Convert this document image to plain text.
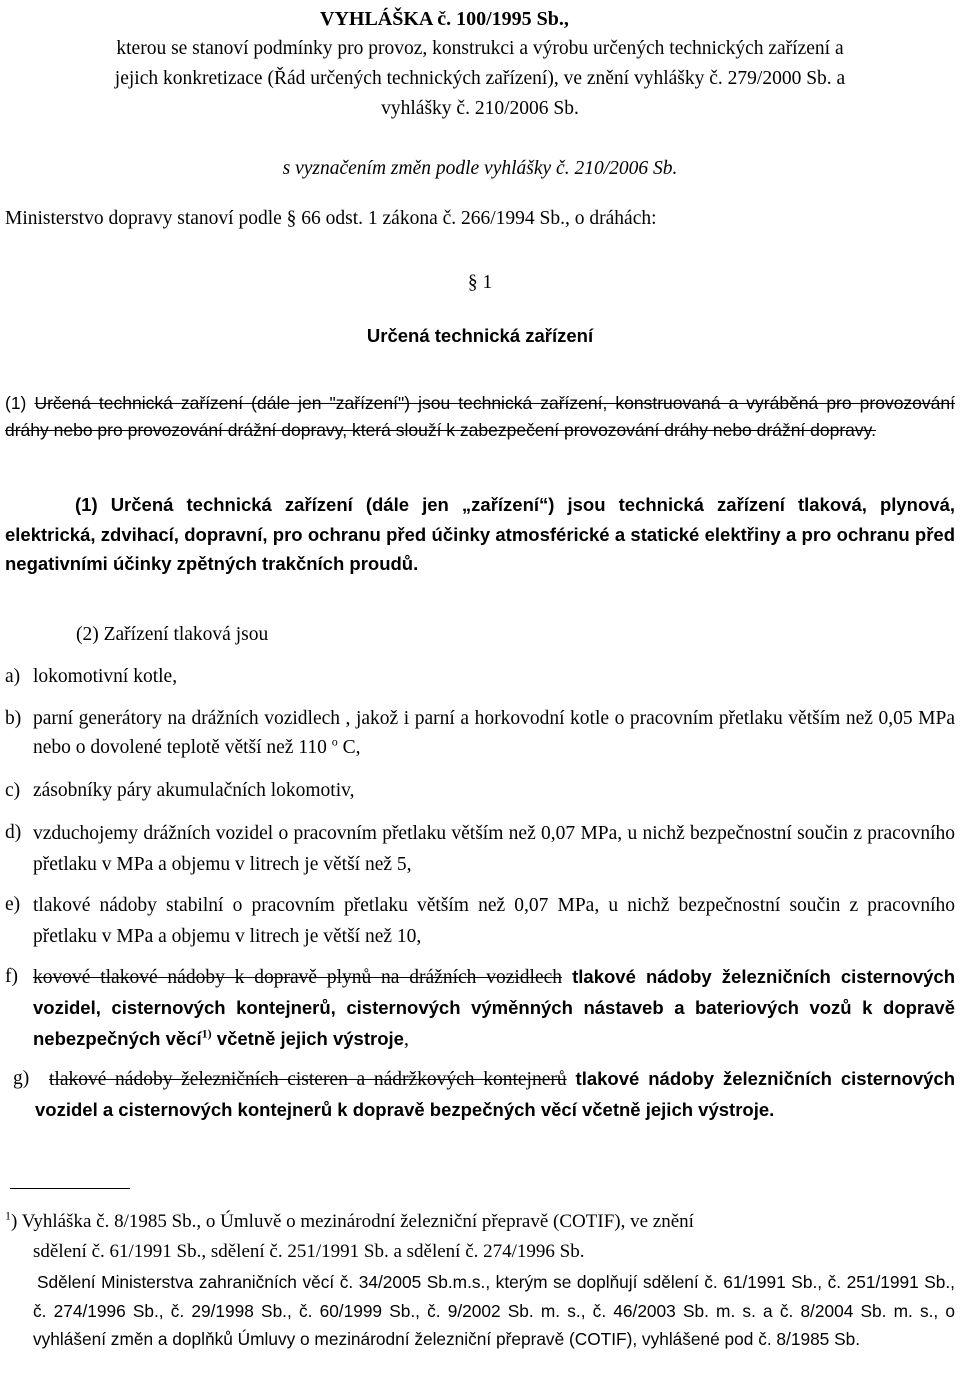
VYHLÁŠKA č. 100/1995 Sb.,

kterou se stanoví podmínky pro provoz, konstrukci a výrobu určených technických zařízení a

jejich konkretizace (Řád určených technických zařízení), ve znění vyhlášky č. 279/2000 Sb. a

vyhlášky č. 210/2006 Sb.

s vyznačením změn podle vyhlášky č. 210/2006 Sb.

Ministerstvo dopravy stanoví podle § 66 odst. 1 zákona č. 266/1994 Sb., o dráhách:

§ 1

Určená technická zařízení

(1) Určená technická zařízení (dále jen "zařízení") jsou technická zařízení, konstruovaná a vyráběná pro provozování dráhy nebo pro provozování drážní dopravy, která slouží k zabezpečení provozování dráhy nebo drážní dopravy.

(1) Určená technická zařízení (dále jen „zařízení“) jsou technická zařízení tlaková, plynová, elektrická, zdvihací, dopravní, pro ochranu před účinky atmosférické a statické elektřiny a pro ochranu před negativními účinky zpětných trakčních proudů.

(2) Zařízení tlaková jsou

a) lokomotivní kotle,
b) parní generátory na drážních vozidlech , jakož i parní a horkovodní kotle o pracovním přetlaku větším než 0,05 MPa nebo o dovolené teplotě větší než 110 $^o$ C,
c) zásobníky páry akumulačních lokomotiv,
d) vzduchojemy drážních vozidel o pracovním přetlaku větším než 0,07 MPa, u nichž bezpečnostní součin z pracovního přetlaku v MPa a objemu v litrech je větší než 5,
e) tlakové nádoby stabilní o pracovním přetlaku větším než 0,07 MPa, u nichž bezpečnostní součin z pracovního přetlaku v MPa a objemu v litrech je větší než 10,
f) kovové tlakové nádoby k dopravě plynů na drážních vozidlech tlakové nádoby železničních cisternových vozidel, cisternových kontejnerů, cisternových výměnných nástaveb a bateriových vozů k dopravě nebezpečných věcí$^{1)}$ včetně jejich výstroje,
g)	tlakové nádoby železničních cisteren a nádržkových kontejnerů tlakové nádoby železničních cisternových vozidel a cisternových kontejnerů k dopravě bezpečných věcí včetně jejich výstroje.

$^1$) Vyhláška č. 8/1985 Sb., o Úmluvě o mezinárodní železniční přepravě (COTIF), ve znění

sdělení č. 61/1991 Sb., sdělení č. 251/1991 Sb. a sdělení č. 274/1996 Sb.

Sdělení Ministerstva zahraničních věcí č. 34/2005 Sb.m.s., kterým se doplňují sdělení č. 61/1991 Sb., č. 251/1991 Sb., č. 274/1996 Sb., č. 29/1998 Sb., č. 60/1999 Sb., č. 9/2002 Sb. m. s., č. 46/2003 Sb. m. s. a č. 8/2004 Sb. m. s., o vyhlášení změn a doplňků Úmluvy o mezinárodní železniční přepravě (COTIF), vyhlášené pod č. 8/1985 Sb.
